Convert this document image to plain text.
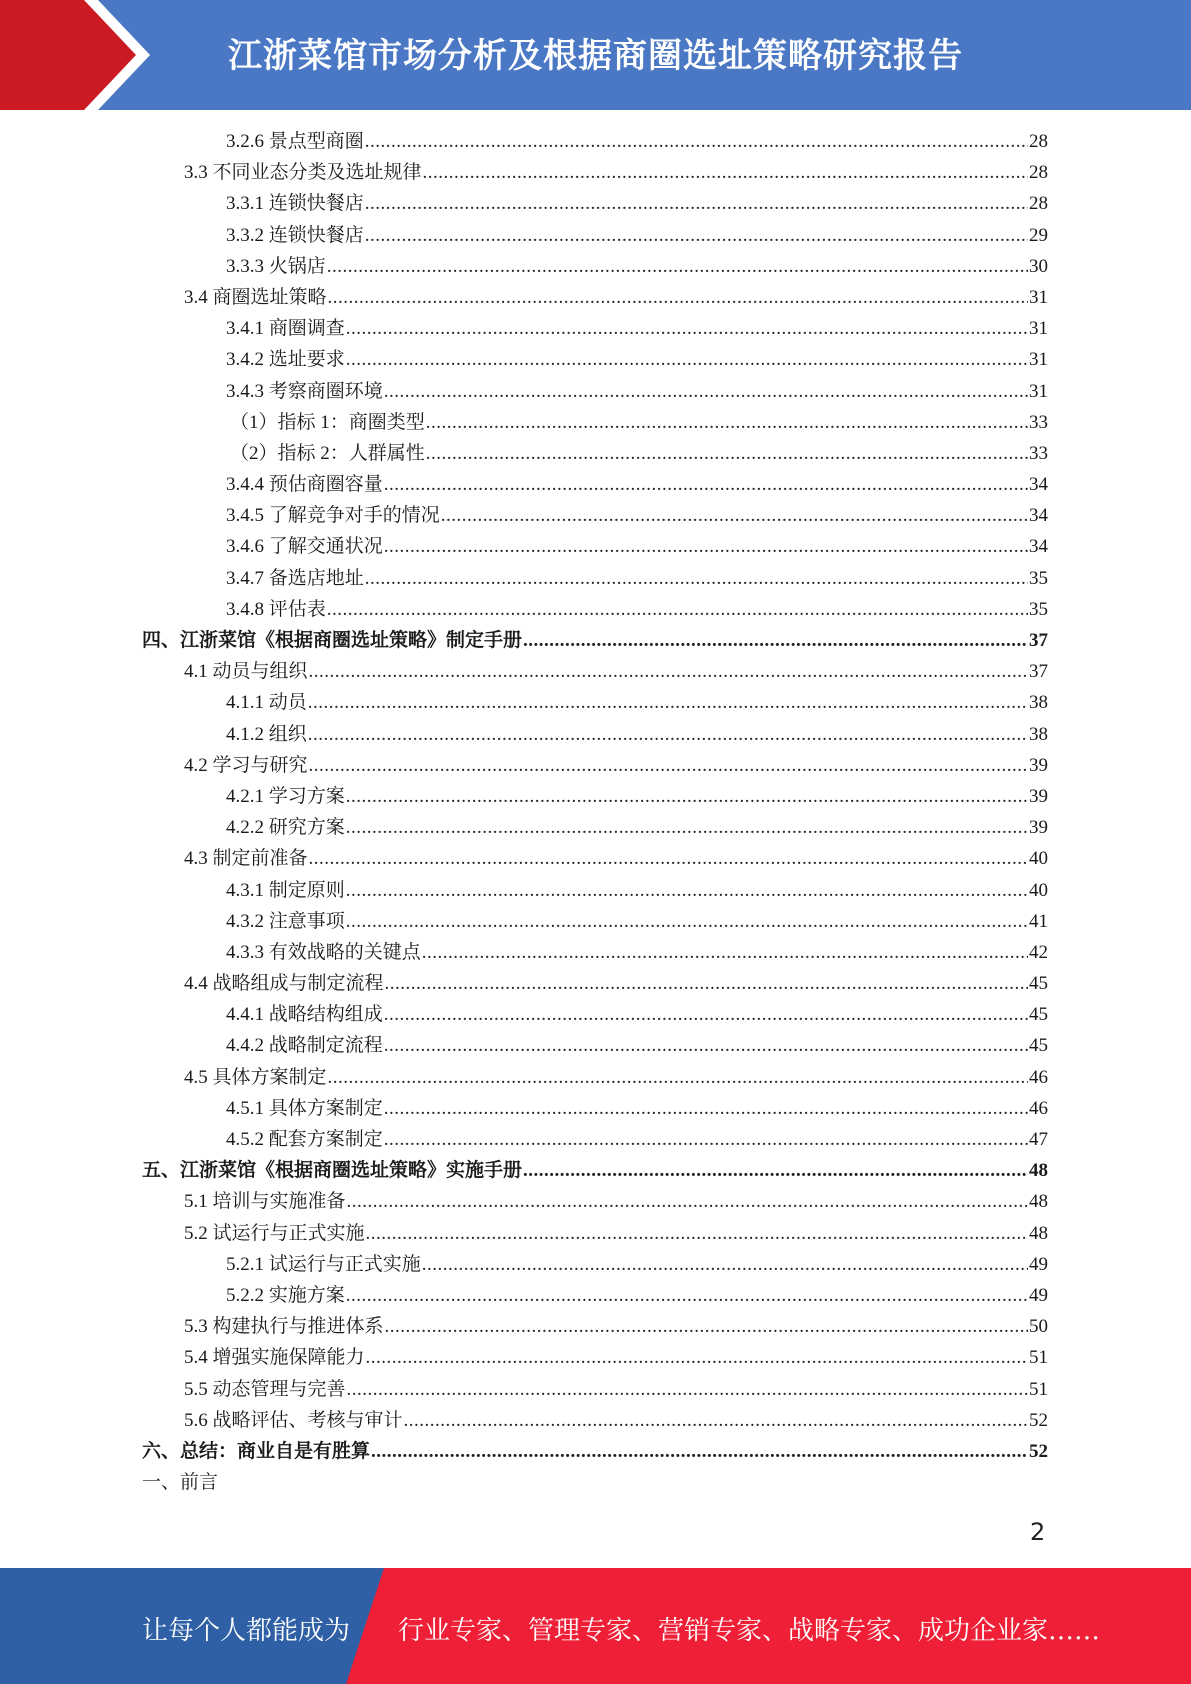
江浙菜馆市场分析及根据商圈选址策略研究报告
3.2.6 景点型商圈 .....	28
3.3 不同业态分类及选址规律 .....	28
3.3.1 连锁快餐店 .....	28
3.3.2 连锁快餐店 .....	29
3.3.3 火锅店 .....	30
3.4 商圈选址策略 .....	31
3.4.1 商圈调查 .....	31
3.4.2 选址要求 .....	31
3.4.3 考察商圈环境 .....	31
（1）指标 1：商圈类型 .....	33
（2）指标 2：人群属性 .....	33
3.4.4 预估商圈容量 .....	34
3.4.5 了解竞争对手的情况 .....	34
3.4.6 了解交通状况 .....	34
3.4.7 备选店地址 .....	35
3.4.8 评估表 .....	35
四、江浙菜馆《根据商圈选址策略》制定手册 .....	37
4.1 动员与组织 .....	37
4.1.1 动员 .....	38
4.1.2 组织 .....	38
4.2 学习与研究 .....	39
4.2.1 学习方案 .....	39
4.2.2 研究方案 .....	39
4.3 制定前准备 .....	40
4.3.1 制定原则 .....	40
4.3.2 注意事项 .....	41
4.3.3 有效战略的关键点 .....	42
4.4 战略组成与制定流程 .....	45
4.4.1 战略结构组成 .....	45
4.4.2 战略制定流程 .....	45
4.5 具体方案制定 .....	46
4.5.1 具体方案制定 .....	46
4.5.2 配套方案制定 .....	47
五、江浙菜馆《根据商圈选址策略》实施手册 .....	48
5.1 培训与实施准备 .....	48
5.2 试运行与正式实施 .....	48
5.2.1 试运行与正式实施 .....	49
5.2.2 实施方案 .....	49
5.3 构建执行与推进体系 .....	50
5.4 增强实施保障能力 .....	51
5.5 动态管理与完善 .....	51
5.6 战略评估、考核与审计 .....	52
六、总结：商业自是有胜算 .....	52
一、前言
2
让每个人都能成为 行业专家、管理专家、营销专家、战略专家、成功企业家……
